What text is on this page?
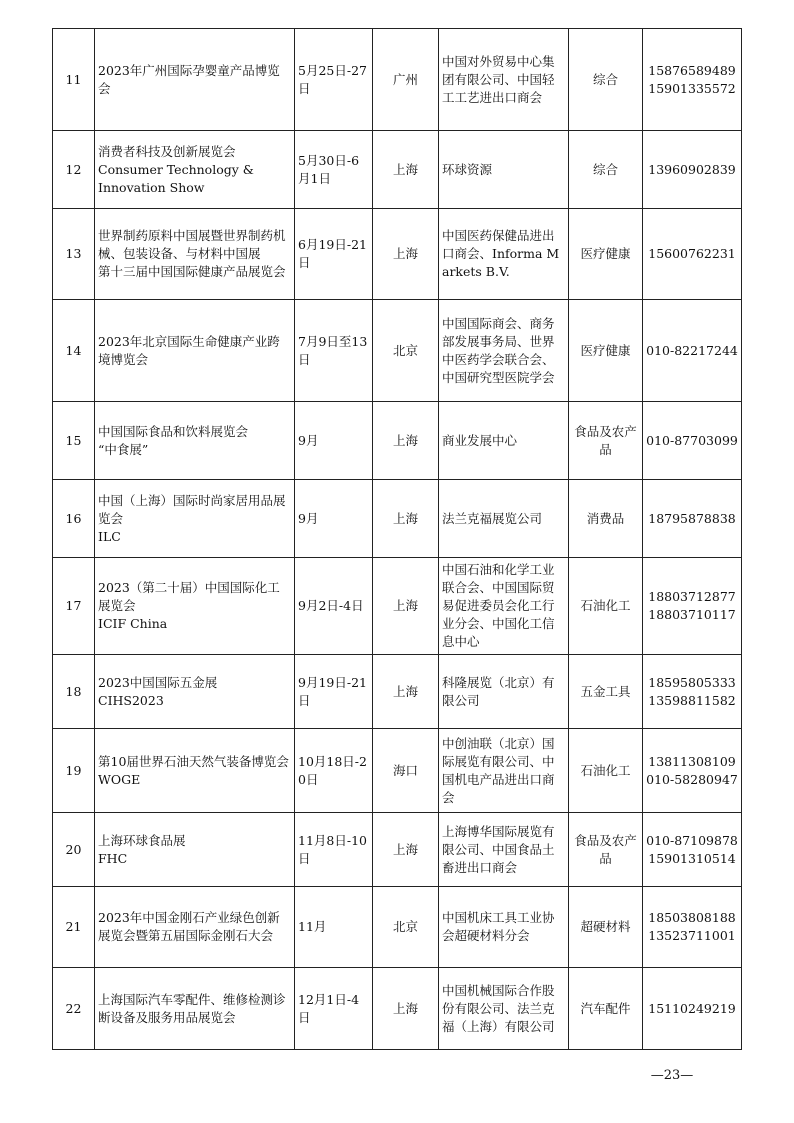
11	2023年广州国际孕婴童产品博览会	5月25日-27日	广州	中国对外贸易中心集团有限公司、中国轻工工艺进出口商会	综合	15876589489
15901335572

12	消费者科技及创新展览会
Consumer Technology &
Innovation Show	5月30日-6月1日	上海	环球资源	综合	13960902839

13	世界制药原料中国展暨世界制药机械、包装设备、与材料中国展
第十三届中国国际健康产品展览会	6月19日-21日	上海	中国医药保健品进出口商会、Informa Markets B.V.	医疗健康	15600762231

14	2023年北京国际生命健康产业跨境博览会	7月9日至13日	北京	中国国际商会、商务部发展事务局、世界中医药学会联合会、中国研究型医院学会	医疗健康	010-82217244

15	中国国际食品和饮料展览会
“中食展”	9月	上海	商业发展中心	食品及农产品	010-87703099

16	中国（上海）国际时尚家居用品展览会
ILC	9月	上海	法兰克福展览公司	消费品	18795878838

17	2023（第二十届）中国国际化工展览会
ICIF China	9月2日-4日	上海	中国石油和化学工业联合会、中国国际贸易促进委员会化工行业分会、中国化工信息中心	石油化工	18803712877
18803710117

18	2023中国国际五金展
CIHS2023	9月19日-21日	上海	科隆展览（北京）有限公司	五金工具	18595805333
13598811582

19	第10届世界石油天然气装备博览会 WOGE	10月18日-20日	海口	中创油联（北京）国际展览有限公司、中国机电产品进出口商会	石油化工	13811308109
010-58280947

20	上海环球食品展
FHC	11月8日-10日	上海	上海博华国际展览有限公司、中国食品土畜进出口商会	食品及农产品	010-87109878
15901310514

21	2023年中国金刚石产业绿色创新展览会暨第五届国际金刚石大会	11月	北京	中国机床工具工业协会超硬材料分会	超硬材料	18503808188
13523711001

22	上海国际汽车零配件、维修检测诊断设备及服务用品展览会	12月1日-4日	上海	中国机械国际合作股份有限公司、法兰克福（上海）有限公司	汽车配件	15110249219
—23—
